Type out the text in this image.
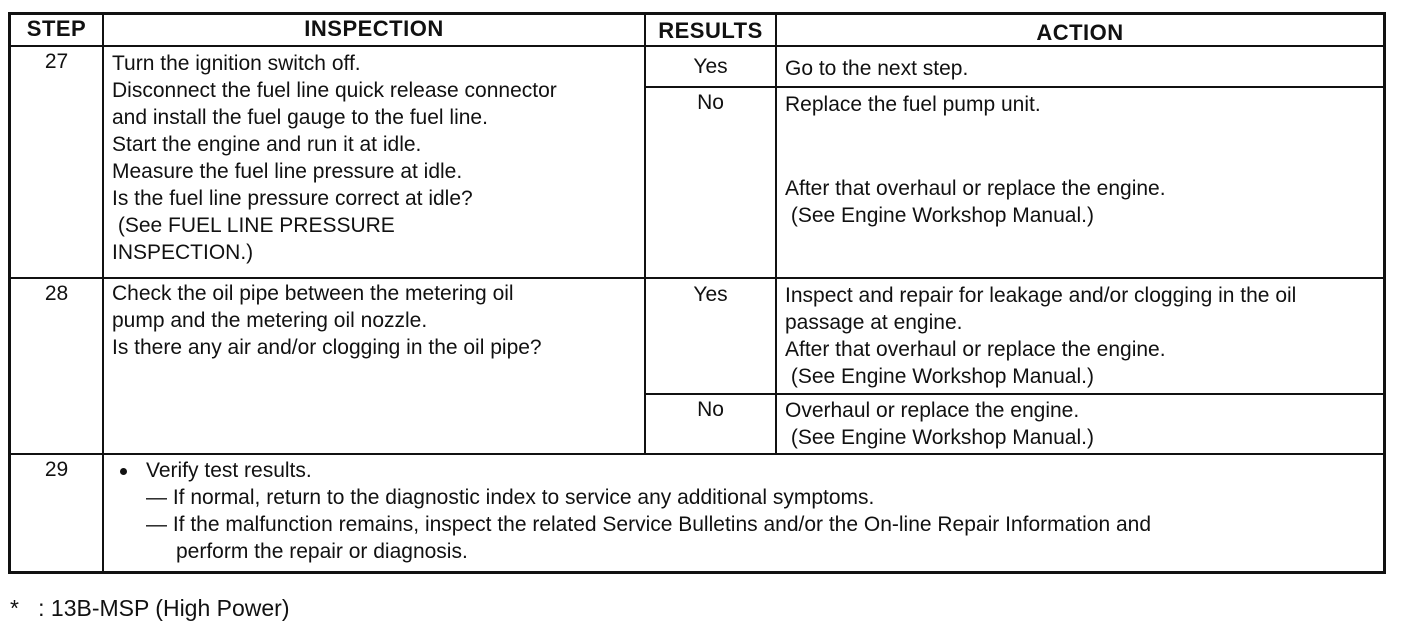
STEP	INSPECTION	RESULTS	ACTION
27	Turn the ignition switch off.
Disconnect the fuel line quick release connector
and install the fuel gauge to the fuel line.
Start the engine and run it at idle.
Measure the fuel line pressure at idle.
Is the fuel line pressure correct at idle?
(See FUEL LINE PRESSURE
INSPECTION.)
Yes	Go to the next step.
No	Replace the fuel pump unit.
After that overhaul or replace the engine.
(See Engine Workshop Manual.)
28	Check the oil pipe between the metering oil
pump and the metering oil nozzle.
Is there any air and/or clogging in the oil pipe?
Yes	Inspect and repair for leakage and/or clogging in the oil
passage at engine.
After that overhaul or replace the engine.
(See Engine Workshop Manual.)
No	Overhaul or replace the engine.
(See Engine Workshop Manual.)
29	Verify test results.
— If normal, return to the diagnostic index to service any additional symptoms.
— If the malfunction remains, inspect the related Service Bulletins and/or the On-line Repair Information and
perform the repair or diagnosis.
*   : 13B-MSP (High Power)
